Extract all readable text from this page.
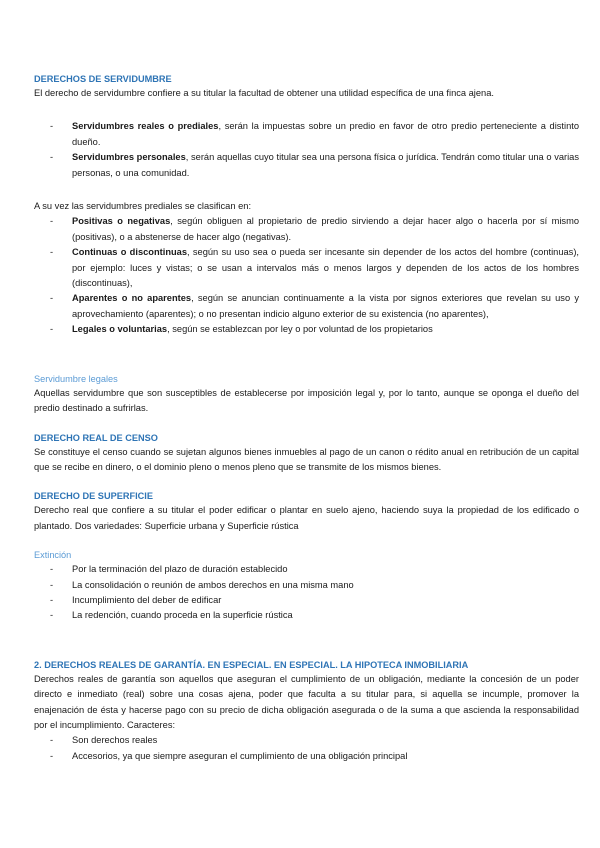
DERECHOS DE SERVIDUMBRE

El derecho de servidumbre confiere a su titular la facultad de obtener una utilidad específica de una finca ajena.

- Servidumbres reales o prediales, serán la impuestas sobre un predio en favor de otro predio perteneciente a distinto dueño.
- Servidumbres personales, serán aquellas cuyo titular sea una persona física o jurídica. Tendrán como titular una o varias personas, o una comunidad.

A su vez las servidumbres prediales se clasifican en:

- Positivas o negativas, según obliguen al propietario de predio sirviendo a dejar hacer algo o hacerla por sí mismo (positivas), o a abstenerse de hacer algo (negativas).
- Continuas o discontinuas, según su uso sea o pueda ser incesante sin depender de los actos del hombre (continuas), por ejemplo: luces y vistas; o se usan a intervalos más o menos largos y dependen de los actos de los hombres (discontinuas),
- Aparentes o no aparentes, según se anuncian continuamente a la vista por signos exteriores que revelan su uso y aprovechamiento (aparentes); o no presentan indicio alguno exterior de su existencia (no aparentes),
- Legales o voluntarias, según se establezcan por ley o por voluntad de los propietarios
Servidumbre legales

Aquellas servidumbre que son susceptibles de establecerse por imposición legal y, por lo tanto, aunque se oponga el dueño del predio destinado a sufrirlas.

DERECHO REAL DE CENSO

Se constituye el censo cuando se sujetan algunos bienes inmuebles al pago de un canon o rédito anual en retribución de un capital que se recibe en dinero, o el dominio pleno o menos pleno que se transmite de los mismos bienes.

DERECHO DE SUPERFICIE

Derecho real que confiere a su titular el poder edificar o plantar en suelo ajeno, haciendo suya la propiedad de los edificado o plantado. Dos variedades: Superficie urbana y Superficie rústica

Extinción
- Por la terminación del plazo de duración establecido
- La consolidación o reunión de ambos derechos en una misma mano
- Incumplimiento del deber de edificar
- La redención, cuando proceda en la superficie rústica
2. DERECHOS REALES DE GARANTÍA. EN ESPECIAL. EN ESPECIAL. LA HIPOTECA INMOBILIARIA

Derechos reales de garantía son aquellos que aseguran el cumplimiento de un obligación, mediante la concesión de un poder directo e inmediato (real) sobre una cosas ajena, poder que faculta a su titular para, si aquella se incumple, promover la enajenación de ésta y hacerse pago con su precio de dicha obligación asegurada o de la suma a que ascienda la responsabilidad por el incumplimiento. Caracteres:

- Son derechos reales
- Accesorios, ya que siempre aseguran el cumplimiento de una obligación principal
